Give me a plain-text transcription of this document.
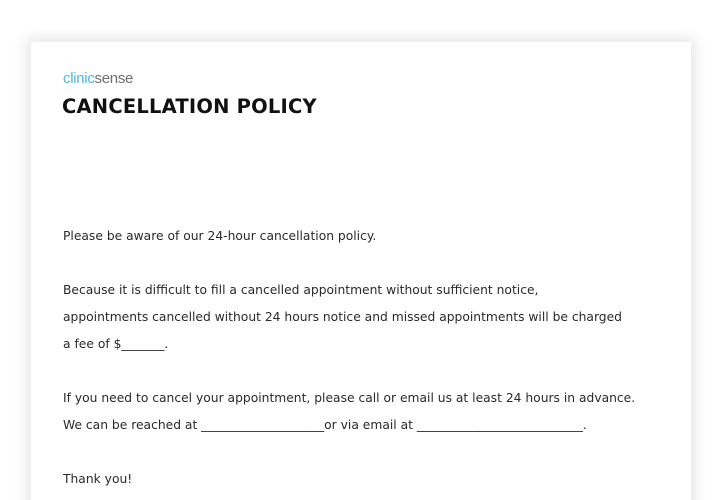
clinicsense
CANCELLATION POLICY

Please be aware of our 24-hour cancellation policy.

Because it is difficult to fill a cancelled appointment without sufficient notice,
appointments cancelled without 24 hours notice and missed appointments will be charged
a fee of $_______.

If you need to cancel your appointment, please call or email us at least 24 hours in advance.
We can be reached at ____________________or via email at ___________________________.

Thank you!
